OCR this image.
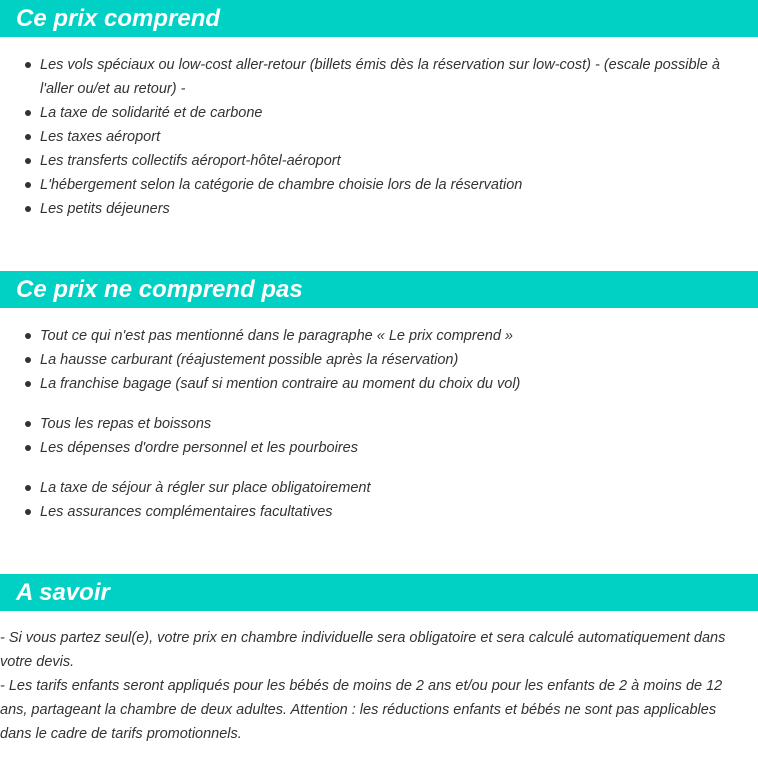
Ce prix comprend
Les vols spéciaux ou low-cost aller-retour (billets émis dès la réservation sur low-cost) - (escale possible à l'aller ou/et au retour) -
La taxe de solidarité et de carbone
Les taxes aéroport
Les transferts collectifs aéroport-hôtel-aéroport
L'hébergement selon la catégorie de chambre choisie lors de la réservation
Les petits déjeuners
Ce prix ne comprend pas
Tout ce qui n'est pas mentionné dans le paragraphe « Le prix comprend »
La hausse carburant (réajustement possible après la réservation)
La franchise bagage (sauf si mention contraire au moment du choix du vol)
Tous les repas et boissons
Les dépenses d'ordre personnel et les pourboires
La taxe de séjour à régler sur place obligatoirement
Les assurances complémentaires facultatives
A savoir

- Si vous partez seul(e), votre prix en chambre individuelle sera obligatoire et sera calculé automatiquement dans votre devis.

- Les tarifs enfants seront appliqués pour les bébés de moins de 2 ans et/ou pour les enfants de 2 à moins de 12 ans, partageant la chambre de deux adultes. Attention : les réductions enfants et bébés ne sont pas applicables dans le cadre de tarifs promotionnels.
